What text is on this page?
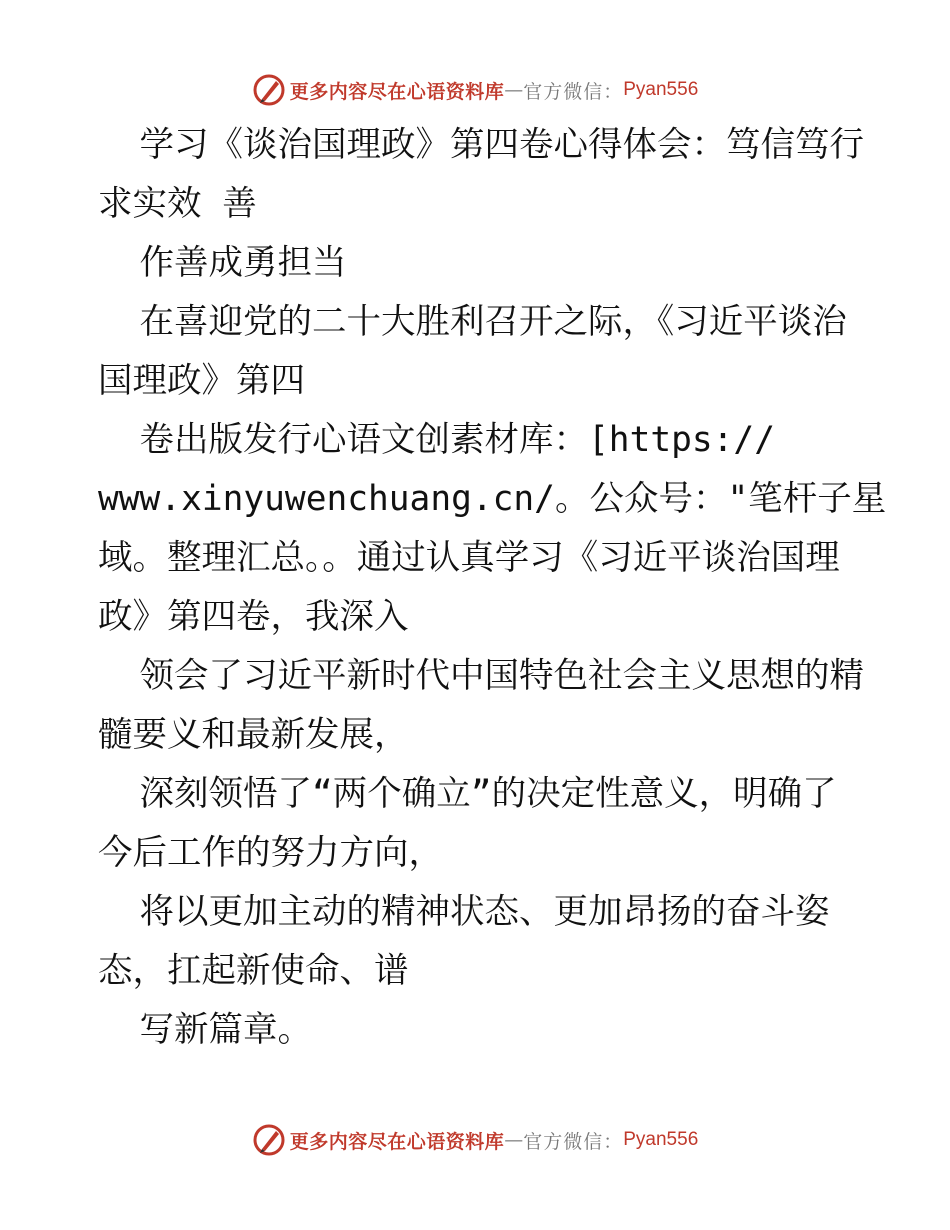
更多内容尽在心语资料库 — 官方微信： Pyan556

学习《谈治国理政》第四卷心得体会：笃信笃行

求实效 善

作善成勇担当

在喜迎党的二十大胜利召开之际，《习近平谈治

国理政》第四

卷出版发行心语文创素材库：[https://

www.xinyuwenchuang.cn/。公众号："笔杆子星

域。整理汇总。。通过认真学习《习近平谈治国理

政》第四卷，我深入

领会了习近平新时代中国特色社会主义思想的精

髓要义和最新发展，

深刻领悟了“两个确立”的决定性意义，明确了

今后工作的努力方向，

将以更加主动的精神状态、更加昂扬的奋斗姿

态，扛起新使命、谱

写新篇章。

更多内容尽在心语资料库 — 官方微信： Pyan556
